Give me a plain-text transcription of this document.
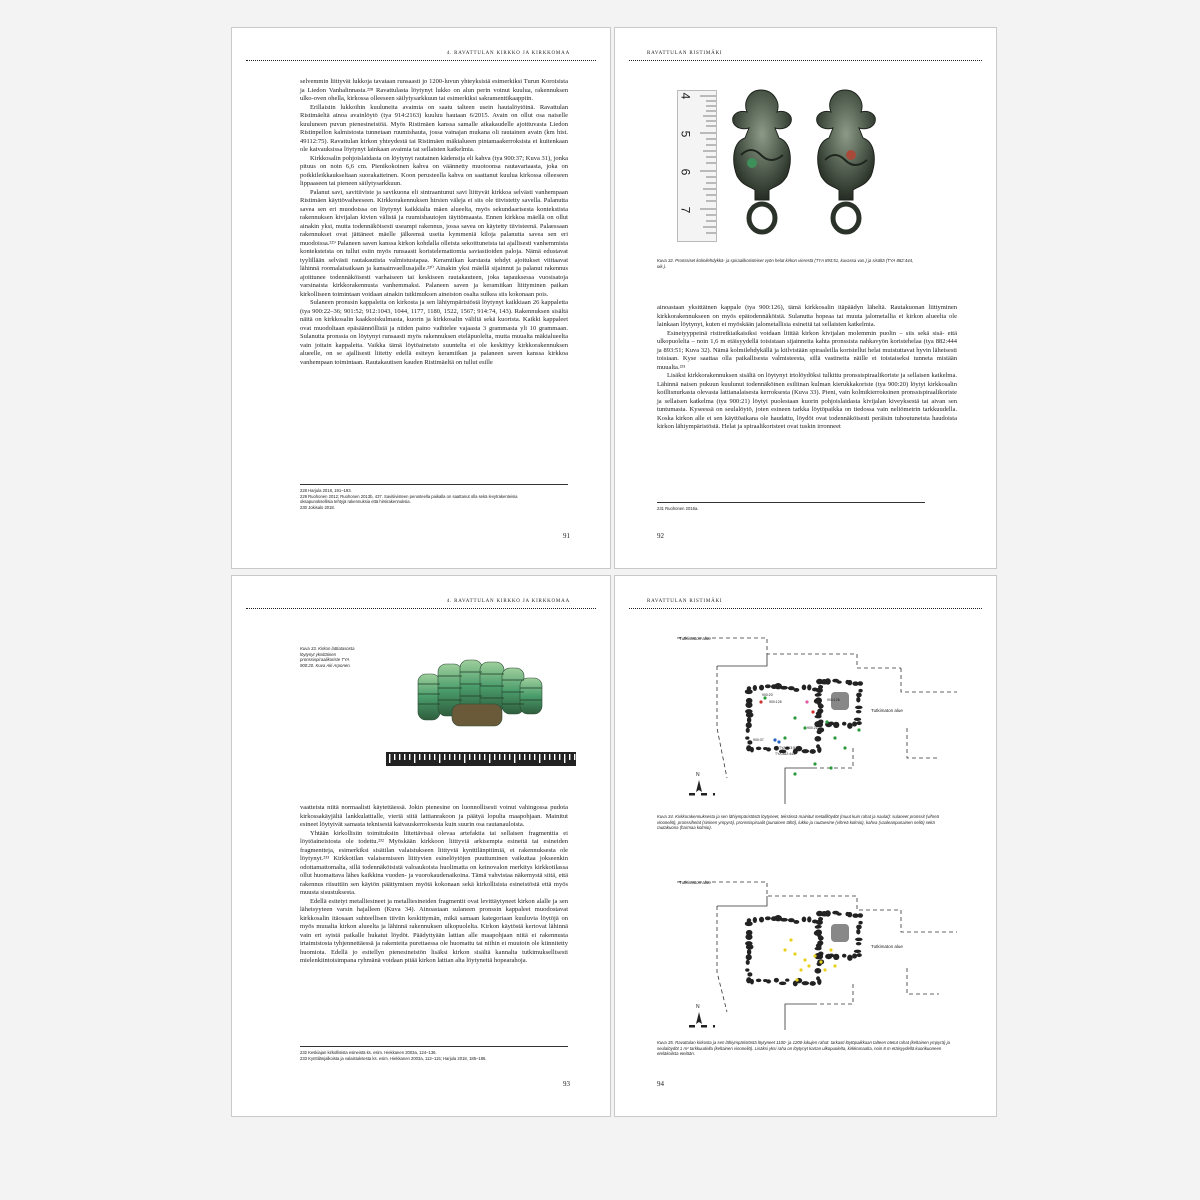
4. RAVATTULAN KIRKKO JA KIRKKOMAA

selvemmin liittyvät lukkoja tavataan runsaasti jo 1200-luvun yhteyksistä esimerkiksi Turun Koroisista ja Liedon Vanhalinnasta.²²⁸ Ravattulasta löytynyt lukko on alun perin voinut kuulua, rakennuksen ulko-oven ohella, kirkossa olleeseen säilytysarkkuun tai esimerkiksi sakramenttikaappiin.

Erillaisiin lukkoihin kuuluneita avaimia on saatu talteen usein hautalöytöinä. Ravattulan Ristimäeltä ainoa avainlöytö (tya 914:2163) kuuluu hautaan 6/2015. Avain on ollut osa naiselle kuuluneen puvun pienesineistöä. Myös Ristimäen kanssa samalle aikakaudelle ajoittuvasta Liedon Ristinpellon kalmistosta tunnetaan ruumishauta, jossa vainajan mukana oli rautainen avain (km hist. 49112:75). Ravattulan kirkon yhteydestä tai Ristimäen mäkialueen pintamaakerroksista ei kuitenkaan ole kaivauksissa löytynyt lainkaan avaimia tai sellaisten katkelmia.

Kirkkosalin pohjoislaidasta on löytynyt rautainen kädensija eli kahva (tya 900:37; Kuva 31), jonka pituus on noin 6,6 cm. Pienikokoinen kahva on väännetty muotoonsa rautavartaasta, joka on poikkileikkaukseltaan suorakaiteinen. Koon perusteella kahva on saattanut kuulua kirkossa olleeseen lippaaseen tai pieneen säilytysarkkuun.

Palanut savi, savitiiviste ja savikuona eli sintraantunut savi liittyvät kirkkoa selvästi vanhempaan Ristimäen käyttövaiheeseen. Kirkkorakennuksen hirsien väleja ei siis ole tiivistetty savella. Palanutta savea sen eri muodoissa on löytynyt kaikkialta mäen alueelta, myös sekundaarisesta kontekstista rakennuksen kivijalan kivien välistä ja ruumishautojen täyttömaasta. Ennen kirkkoa mäellä on ollut ainakin yksi, mutta todennäköisesti useampi rakennus, jossa savea on käytetty tiivisteenä. Palaessaan rakennukset ovat jättäneet mäelle jälkeensä useita kymmeniä kiloja palanutta savea sen eri muodoissa.²²⁹ Palaneen saven kanssa kirkon kohdalla olleista sekoittuneista tai ajallisesti vanhemmista konteksteista on tullut esiin myös runsaasti koristelemattomia saviastioiden paloja. Nämä edustavat tyylillään selvästi rautakautista valmistustapaa. Keramiikan karstasta tehdyt ajoitukset viittaavat lähinnä roomalaisaikaan ja kansainvaellusajalle.²³⁰ Ainakin yksi mäellä sijainnut ja palanut rakennus ajoittunee todennäköisesti varhaiseen tai keskiseen rautakauteen, joka tapauksessa vuosisatoja varsinaista kirkkorakennusta vanhemmaksi. Palaneen saven ja keramiikan liittyminen paikan kirkolliseen toimintaan voidaan ainakin tutkimuksen aineiston osalta sulkea siis kokonaan pois.

Sulaneen pronssin kappaleita on kirkosta ja sen lähiympäristöstä löytynyt kaikkiaan 26 kappaletta (tya 900:22–36; 901:52; 912:1043, 1044, 1177, 1180, 1522, 1567; 914:74, 143). Rakennuksen sisältä näitä on kirkkosalin kaakkoiskulmasta, kuorin ja kirkkosalin väliltä sekä kuorista. Kaikki kappaleet ovat muodoltaan epäsäännöllisiä ja niiden paino vaihtelee vajaasta 3 grammasta yli 10 grammaan. Sulanutta pronssia on löytynyt runsaasti myös rakennuksen eteläpuolelta, mutta muualta mäkialueelta vain joitain kappaleita. Vaikka tämä löytöaineisto suuntelta ei ole keskittyy kirkkorakennuksen alueelle, on se ajallisesti liitetty edellä esiteyn keramiikan ja palaneen saven kanssa kirkkoa vanhempaan toimintaan. Rautakautisen kauden Ristimäeltä on tullut esille

228 Harjula 2018, 191–193.
229 Ruohonen 2012; Ruohonen 2013b, 437. Savitiivisteen perusteella paikalla on saattanut olla sekä levytrakenteisia
oksapunoksellisia tehtyjä rakennuksia että hirsirakennuksia.
230 Jokisalo 2018.
91
RAVATTULAN RISTIMÄKI
4
5
6
7
Kuva 32. Pronssiset kolmilehdykkä- ja spiraalikoristeiset vyön helat kirkon vierestä (TYA 893:51, kuvassa vas.) ja sisältä (TYA 882:444, oik.).

ainoastaan yksittäinen kappale (tya 900:126), tämä kirkkosalin itäpäädyn läheltä. Rautakuonan liittyminen kirkkorakennukseen on myös epätodennäköistä. Sulanutta hopeaa tai muuta jalometallia ei kirkon alueelta ole lainkaan löytynyt, kuten ei myöskään jalometallisia esineitä tai sellaisten katkelmia.

Esinetyyppeinä ristiretkiaikaisiksi voidaan liittää kirkon kivijalan molemmin puolin – siis sekä sisä- että ulkopuolelta – noin 1,6 m etäisyydellä toisistaan sijainneita kahta pronssista nahkavyön koristehelaa (tya 882:444 ja 893:51; Kuva 32). Nämä kolmilehdykällä ja kiilvistään spiraaleilla koristellut helat muistuttavat hyvin läheisesti toisiaan. Kyse saattaa olla paikallisesta valmisteesta, sillä vastineita näille ei toistaiseksi tunneta mistään muualta.²³¹

Lisäksi kirkkorakennuksen sisältä on löytynyt irtolöydöksi tulkittu pronssispiraalikoriste ja sellaisen katkelma. Lähinnä naisen pukuun kuulunut todennäköinen esiliinan kulman kierukkakoriste (tya 900:20) löytyi kirkkosalin koillisnurkasta olevasta lattianalaisesta kerroksesta (Kuva 33). Pieni, vain kolmikierroksinen pronssispiraalikoriste ja sellaisen katkelma (tya 900:21) löytyi puolestaan kuorin pohjoislaidasta kivijalan kiveyksestä tai aivan sen tuntumasta. Kyseessä on seulalöytö, joten esineen tarkka löytöpaikka on tiedossa vain neliömetrin tarkkuudella. Koska kirkon alle ei sen käyttöaikana ole haudattu, löydöt ovat todennäköisesti peräisin tuhoutuneista haudoista kirkon lähiympäristöstä. Helat ja spiraalikoristeet ovat tuskin irronneet

231 Ruohonen 2016a.
92
4. RAVATTULAN KIRKKO JA KIRKKOMAA
Kuva 33. Kirkon lattiatasosta löytynyt yksittäinen pronssispiraalikoriste TYA 900:20. Kuva Aki Arponen.

vaatteista niitä normaalisti käytettäessä. Jokin pienesine on luonnollisesti voinut vahingossa pudota kirkossakäyjältä lankkulattialle, vieriä siitä lattianrakoon ja päätyä lopulta maapohjaan. Mainitut esineet löytyivät samasta teknisestä kaivauskerroksesta kuin suurin osa rautanauloista.

Yhtään kirkollisiin toimituksiin liitettävissä olevaa artefaktia tai sellaisen fragmenttia ei löytöaineistosta ole todettu.²³² Myöskään kirkkoon liittyviä arkisempia esineitä tai esineiden fragmentteja, esimerkiksi sisätilan valaistukseen liittyviä kynttilänpitimiä, ei rakennuksesta ole löytynyt.²³³ Kirkkotilan valaisemiseen liittyvien esinelöytöjen puuttuminen vaikuttaa jokseenkin odottamattomalta, sillä todennäköisistä valoaukoista huolimatta on keinovalon merkitys kirkkotilassa ollut huomattava lähes kaikkina vuoden- ja vuorokaudenaikoina. Tämä vahvistaa näkemystä siitä, että rakennus riisuttiin sen käytön päättymisen myötä kokonaan sekä kirkollisista esineistöstä että myös muusta sisustuksesta.

Edellä esitetyt metalliesineet ja metalliesineiden fragmentit ovat levittäytyneet kirkon alalle ja sen läheisyyteen varsin hajalleen (Kuva 34). Ainoastaan sulaneen pronssin kappaleet muodostavat kirkkosalin itäosaan suhteellisen tiiviin keskittymän, mikä samaan kategoriaan kuuluvia löytöjä on myös muualta kirkon alueelta ja lähinnä rakennuksen ulkopuolelta. Kirkon käytöstä kertovat lähinnä vain eri syistä paikalle hukatut löydöt. Päädyttyään lattian alle maapohjaan niitä ei rakennusta irtaimistosta tyhjennettäessä ja rakenteita purettaessa ole huomattu tai niihin ei muutoin ole kiinnitetty huomiota. Edellä jo esitellyn pienesineistön lisäksi kirkon sisältä kannalta tutkimuksellisesti mielenkiintoisimpana ryhmänä voidaan pitää kirkon lattian alta löytyneitä hopearahoja.

232 Keskiajan kirkollisista esineistä ks. esim. Hiekkanen 2003a, 124–136.
233 Kynttilänjalkoista ja valaistuksesta ks. esim. Hiekkanen 2003a, 112–115; Harjula 2018, 185–186.
93
RAVATTULAN RISTIMÄKI
Tutkimaton alue
Tutkimaton alue
900:20
900:126
900:21
TYA 893:51
TYA 882:444
900:37
900:126
N
Kuva 34. Kirkkorakennuksesta ja sen lähiympäristöstä löytyneet, tekstissä mainitut metallilöydöt (muut kuin rahat ja naulat): sulaneet pronssit (vihreä vinoneliö), pronssihelat (sininen ympyrä), pronssispiraalit (punainen tähti), lukko ja rautaesine (vihreä kolmio), kahva (vaaleanpunainen neliö) sekä rautakuona (harmaa kolmio).
Tutkimaton alue
Tutkimaton alue
N
Kuva 35. Ravattulan kirkosta ja sen lähiympäristöstä löytyneet 1100- ja 1200-lukujen rahat: tarkasti löytöpaikkaan talteen otetut rahat (keltainen ympyrä) ja seulalöydöt 1 m² tarkkuudella (keltainen vinoneliö). Lisäksi yksi raha on löytynyt kartan ulkopuolelta, kirkkomaalta, noin 8 m etäisyydellä kuorikuoneen eteläkoilsta etelään.
94
